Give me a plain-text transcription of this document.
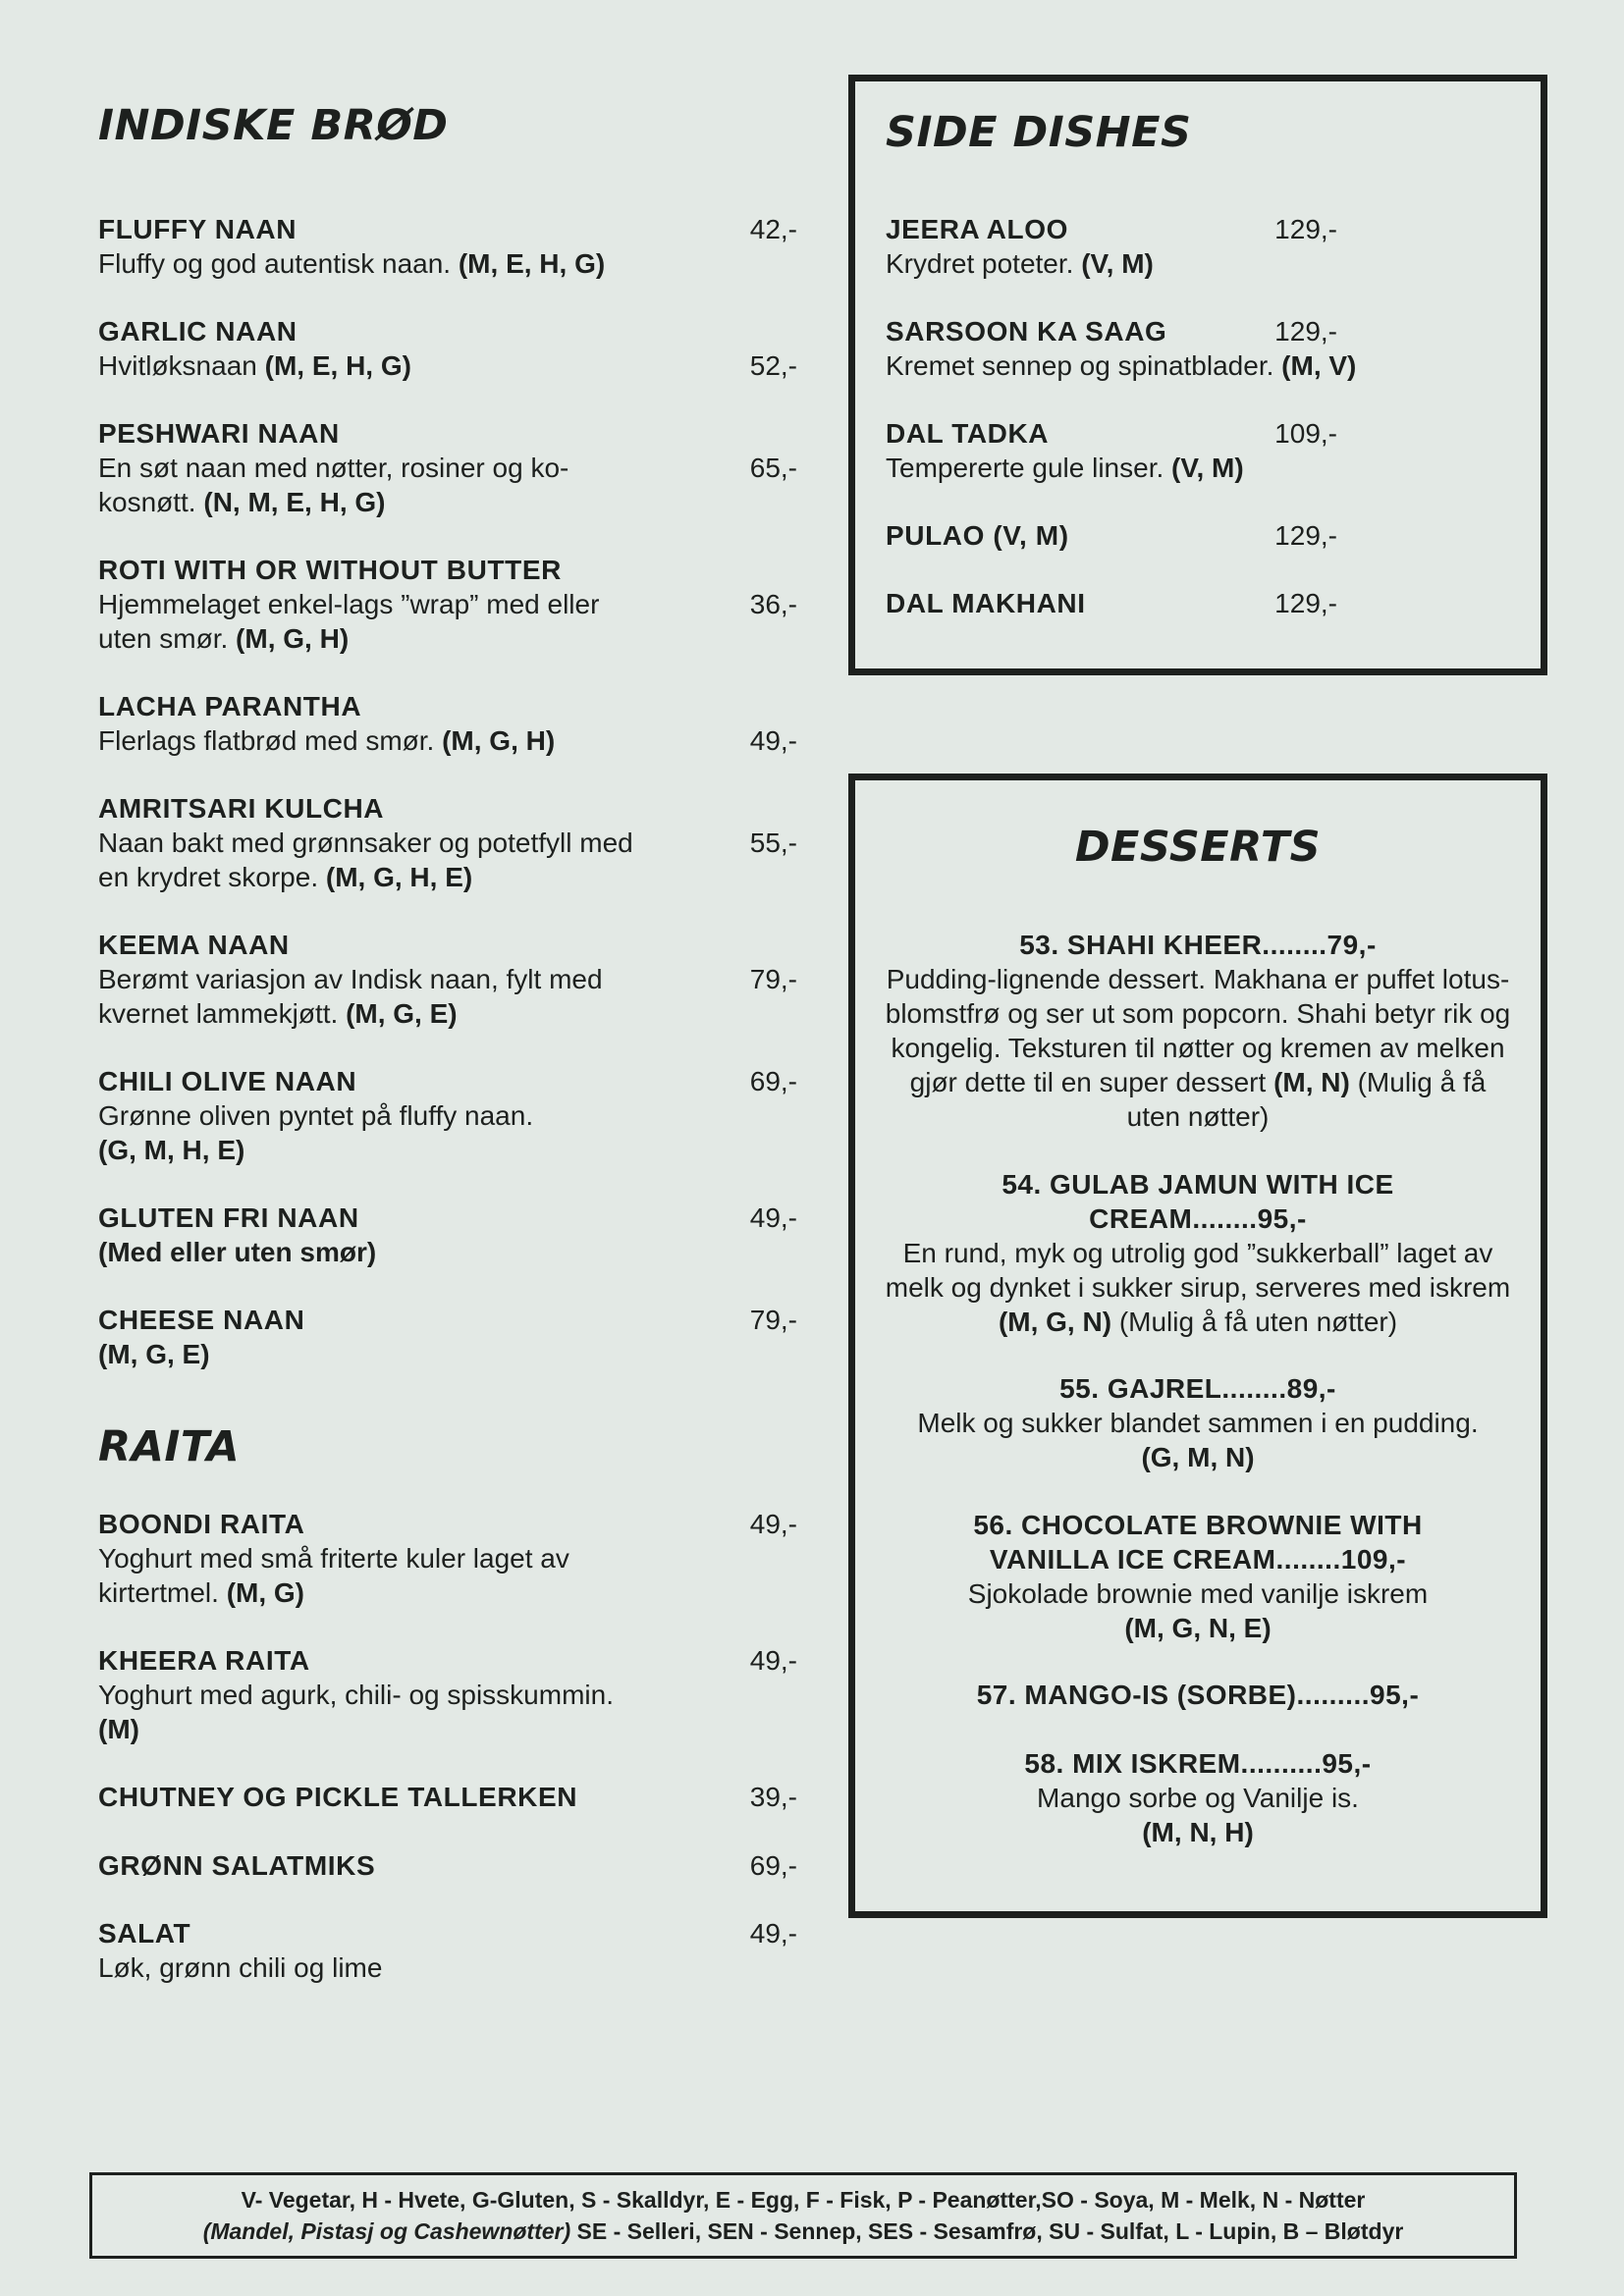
INDISKE BRØD
FLUFFY NAAN
Fluffy og god autentisk naan. (M, E, H, G)
42,-
GARLIC NAAN
Hvitløksnaan (M, E, H, G)	52,-
PESHWARI NAAN
En søt naan med nøtter, rosiner og ko-kosnøtt. (N, M, E, H, G)
65,-
ROTI WITH OR WITHOUT BUTTER
Hjemmelaget enkel-lags ”wrap” med eller uten smør. (M, G, H)
36,-
LACHA PARANTHA
Flerlags flatbrød med smør. (M, G, H)	49,-
AMRITSARI KULCHA
Naan bakt med grønnsaker og potetfyll med en krydret skorpe. (M, G, H, E)
55,-
KEEMA NAAN
Berømt variasjon av Indisk naan, fylt med kvernet lammekjøtt. (M, G, E)
79,-
CHILI OLIVE NAAN
Grønne oliven pyntet på fluffy naan.
(G, M, H, E)
69,-
GLUTEN FRI NAAN
(Med eller uten smør)
49,-
CHEESE NAAN
(M, G, E)
79,-
RAITA
BOONDI RAITA
Yoghurt med små friterte kuler laget av kirtertmel. (M, G)
49,-
KHEERA RAITA
Yoghurt med agurk, chili- og spisskummin.
(M)
49,-
CHUTNEY OG PICKLE TALLERKEN	39,-
GRØNN SALATMIKS	69,-
SALAT
Løk, grønn chili og lime
49,-
SIDE DISHES
JEERA ALOO
Krydret poteter. (V, M)
129,-
SARSOON KA SAAG
Kremet sennep og spinatblader. (M, V)
129,-
DAL TADKA
Tempererte gule linser. (V, M)
109,-
PULAO (V, M)	129,-
DAL MAKHANI	129,-
DESSERTS
53. SHAHI KHEER........79,-
Pudding-lignende dessert. Makhana er puffet lotus-blomstfrø og ser ut som popcorn. Shahi betyr rik og kongelig. Teksturen til nøtter og kremen av melken gjør dette til en super dessert (M, N) (Mulig å få uten nøtter)
54. GULAB JAMUN WITH ICE CREAM........95,-
En rund, myk og utrolig god ”sukkerball” laget av melk og dynket i sukker sirup, serveres med iskrem (M, G, N) (Mulig å få uten nøtter)
55. GAJREL........89,-
Melk og sukker blandet sammen i en pudding.
(G, M, N)
56. CHOCOLATE BROWNIE WITH VANILLA ICE CREAM........109,-
Sjokolade brownie med vanilje iskrem
(M, G, N, E)
57. MANGO-IS (SORBE).........95,-
58. MIX ISKREM..........95,-
Mango sorbe og Vanilje is.
(M, N, H)
V- Vegetar, H - Hvete, G-Gluten, S - Skalldyr, E - Egg, F - Fisk, P - Peanøtter,SO - Soya, M - Melk, N - Nøtter
(Mandel, Pistasj og Cashewnøtter) SE - Selleri, SEN - Sennep, SES - Sesamfrø, SU - Sulfat, L - Lupin, B – Bløtdyr
